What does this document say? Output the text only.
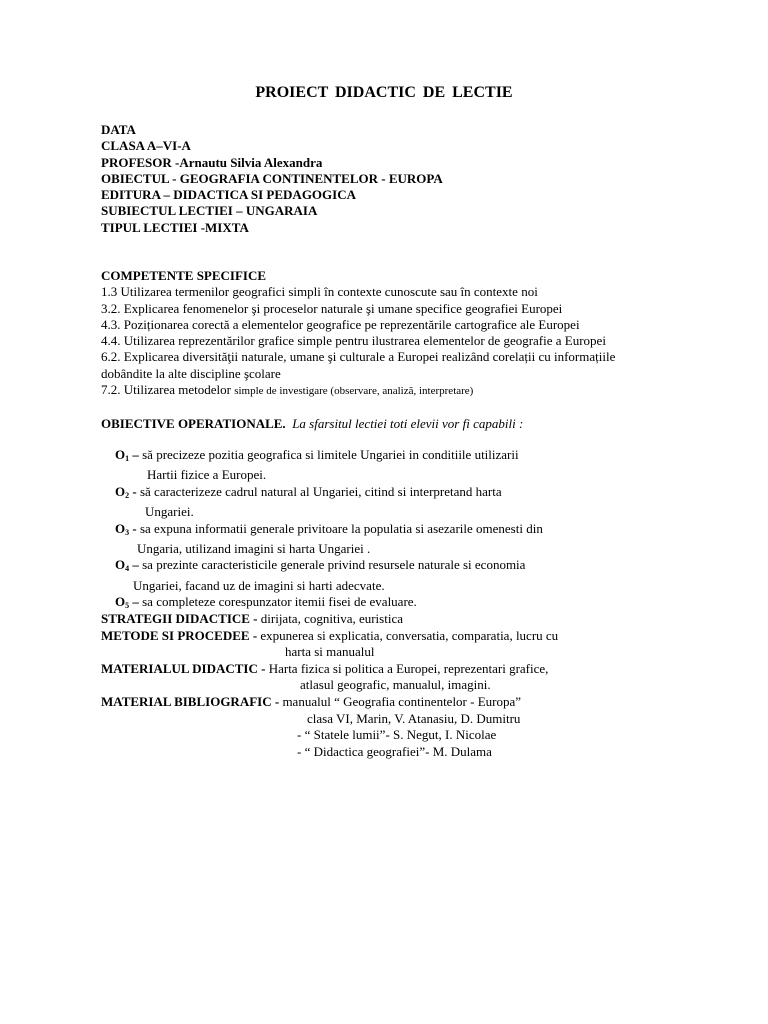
PROIECT DIDACTIC DE LECTIE
DATA
CLASA A–VI-A
PROFESOR -Arnautu Silvia Alexandra
OBIECTUL - GEOGRAFIA CONTINENTELOR - EUROPA
EDITURA – DIDACTICA SI PEDAGOGICA
SUBIECTUL LECTIEI – UNGARAIA
TIPUL LECTIEI -MIXTA
COMPETENTE SPECIFICE
1.3 Utilizarea termenilor geografici simpli în contexte cunoscute sau în contexte noi
3.2. Explicarea fenomenelor şi proceselor naturale şi umane specifice geografiei Europei
4.3. Poziționarea corectă a elementelor geografice pe reprezentările cartografice ale Europei
4.4. Utilizarea reprezentărilor grafice simple pentru ilustrarea elementelor de geografie a Europei
6.2. Explicarea diversităţii naturale, umane şi culturale a Europei realizând corelații cu informațiile
dobândite la alte discipline şcolare
7.2. Utilizarea metodelor simple de investigare (observare, analiză, interpretare)
OBIECTIVE OPERATIONALE. La sfarsitul lectiei toti elevii vor fi capabili :
$O_1$ – să precizeze pozitia geografica si limitele Ungariei in conditiile utilizarii
Hartii fizice a Europei.
$O_2$ - să caracterizeze cadrul natural al Ungariei, citind si interpretand harta
Ungariei.
$O_3$ - sa expuna informatii generale privitoare la populatia si asezarile omenesti din
Ungaria, utilizand imagini si harta Ungariei .
$O_4$ – sa prezinte caracteristicile generale privind resursele naturale si economia
Ungariei, facand uz de imagini si harti adecvate.
$O_5$ – sa completeze corespunzator itemii fisei de evaluare.
STRATEGII DIDACTICE - dirijata, cognitiva, euristica
METODE SI PROCEDEE - expunerea si explicatia, conversatia, comparatia, lucru cu
harta si manualul
MATERIALUL DIDACTIC - Harta fizica si politica a Europei, reprezentari grafice,
atlasul geografic, manualul, imagini.
MATERIAL BIBLIOGRAFIC - manualul “ Geografia continentelor - Europa”
clasa VI, Marin, V. Atanasiu, D. Dumitru
- “ Statele lumii”- S. Negut, I. Nicolae
- “ Didactica geografiei”- M. Dulama
